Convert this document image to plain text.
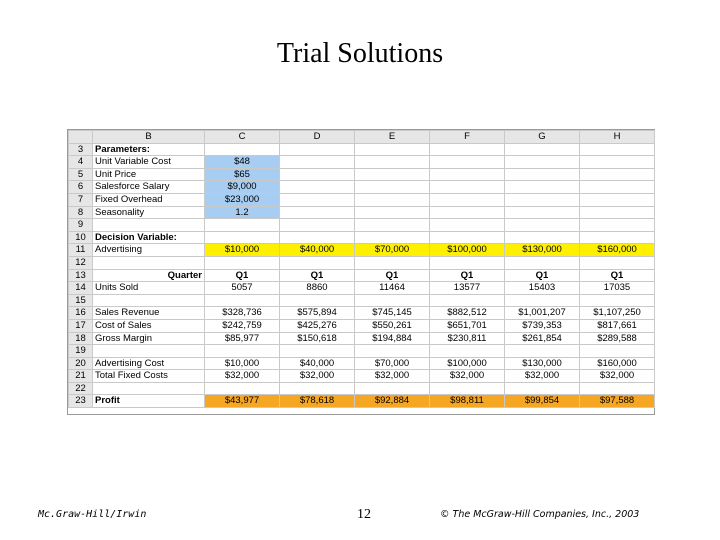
Trial Solutions
	B	C	D	E	F	G	H
3	Parameters:						
4	Unit Variable Cost	$48					
5	Unit Price	$65					
6	Salesforce Salary	$9,000					
7	Fixed Overhead	$23,000					
8	Seasonality	1.2					
9							
10	Decision Variable:						
11	Advertising	$10,000	$40,000	$70,000	$100,000	$130,000	$160,000
12							
13	Quarter	Q1	Q1	Q1	Q1	Q1	Q1
14	Units Sold	5057	8860	11464	13577	15403	17035
15							
16	Sales Revenue	$328,736	$575,894	$745,145	$882,512	$1,001,207	$1,107,250
17	Cost of Sales	$242,759	$425,276	$550,261	$651,701	$739,353	$817,661
18	Gross Margin	$85,977	$150,618	$194,884	$230,811	$261,854	$289,588
19							
20	Advertising Cost	$10,000	$40,000	$70,000	$100,000	$130,000	$160,000
21	Total Fixed Costs	$32,000	$32,000	$32,000	$32,000	$32,000	$32,000
22							
23	Profit	$43,977	$78,618	$92,884	$98,811	$99,854	$97,588
Mc.Graw-Hill/Irwin	12	© The McGraw-Hill Companies, Inc., 2003
